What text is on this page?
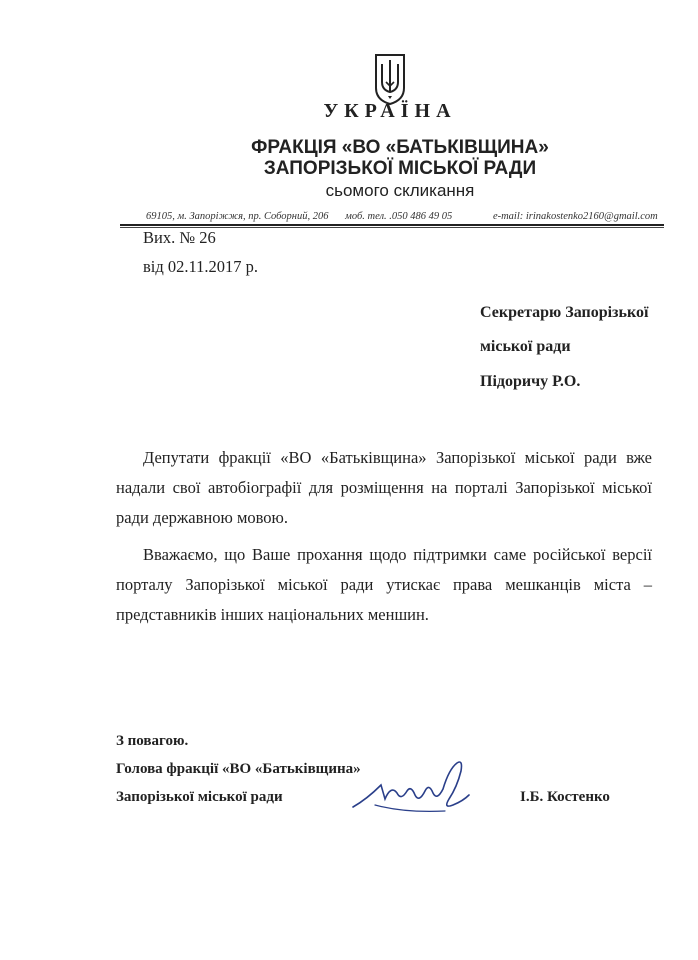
УКРАЇНА
ФРАКЦІЯ «ВО «БАТЬКІВЩИНА»
ЗАПОРІЗЬКОЇ МІСЬКОЇ РАДИ
сьомого скликання
69105, м. Запоріжжя, пр. Соборний, 206 моб. тел. .050 486 49 05	e-mail: irinakostenko2160@gmail.com
Вих. № 26
від 02.11.2017 р.
Секретарю Запорізької
міської ради
Підоричу Р.О.
Депутати фракції «ВО «Батьківщина» Запорізької міської ради вже надали свої автобіографії для розміщення на порталі Запорізької міської ради державною мовою.
Вважаємо, що Ваше прохання щодо підтримки саме російської версії порталу Запорізької міської ради утискає права мешканців міста – представників інших національних меншин.
З повагою.
Голова фракції «ВО «Батьківщина»
Запорізької міської ради	І.Б. Костенко
